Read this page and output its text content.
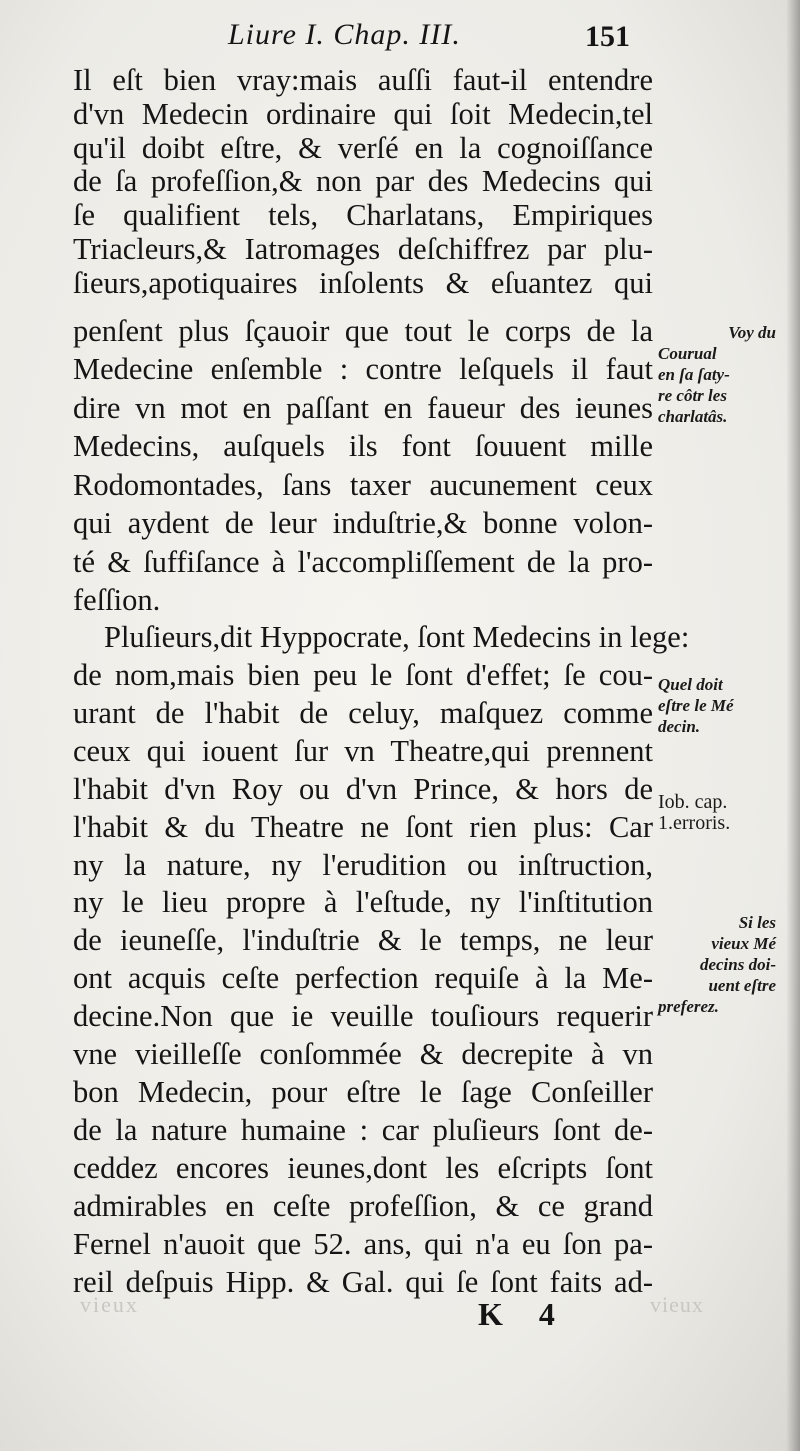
Liure I. Chap. III.	151
Il eſt bien vray:mais auſſi faut-il entendre
d'vn Medecin ordinaire qui ſoit Medecin,tel
qu'il doibt eſtre, & verſé en la cognoiſſance
de ſa profeſſion,& non par des Medecins qui
ſe qualifient tels, Charlatans, Empiriques
Triacleurs,& Iatromages deſchiffrez par plu-
ſieurs,apotiquaires inſolents & eſuantez qui
penſent plus ſçauoir que tout le corps de la
Medecine enſemble : contre leſquels il faut
dire vn mot en paſſant en faueur des ieunes
Medecins, auſquels ils font ſouuent mille
Rodomontades, ſans taxer aucunement ceux
qui aydent de leur induſtrie,& bonne volon-
té & ſuffiſance à l'accompliſſement de la pro-
feſſion.
Pluſieurs,dit Hyppocrate, ſont Medecins in lege:
de nom,mais bien peu le ſont d'effet; ſe cou-
urant de l'habit de celuy, maſquez comme
ceux qui iouent ſur vn Theatre,qui prennent
l'habit d'vn Roy ou d'vn Prince, & hors de
l'habit & du Theatre ne ſont rien plus: Car
ny la nature, ny l'erudition ou inſtruction,
ny le lieu propre à l'eſtude, ny l'inſtitution
de ieuneſſe, l'induſtrie & le temps, ne leur
ont acquis ceſte perfection requiſe à la Me-
decine.Non que ie veuille touſiours requerir
vne vieilleſſe conſommée & decrepite à vn
bon Medecin, pour eſtre le ſage Conſeiller
de la nature humaine : car pluſieurs ſont de-
ceddez encores ieunes,dont les eſcripts ſont
admirables en ceſte profeſſion, & ce grand
Fernel n'auoit que 52. ans, qui n'a eu ſon pa-
reil deſpuis Hipp. & Gal. qui ſe ſont faits ad-
Voy du
Courual
en ſa ſaty-
re côtr les
charlatâs.
Quel doit
eſtre le Mé
decin.
Iob. cap.
1.erroris.
Si les
vieux Mé
decins doi-
uent eſtre
preferez.
vieux	vieux
K 4
